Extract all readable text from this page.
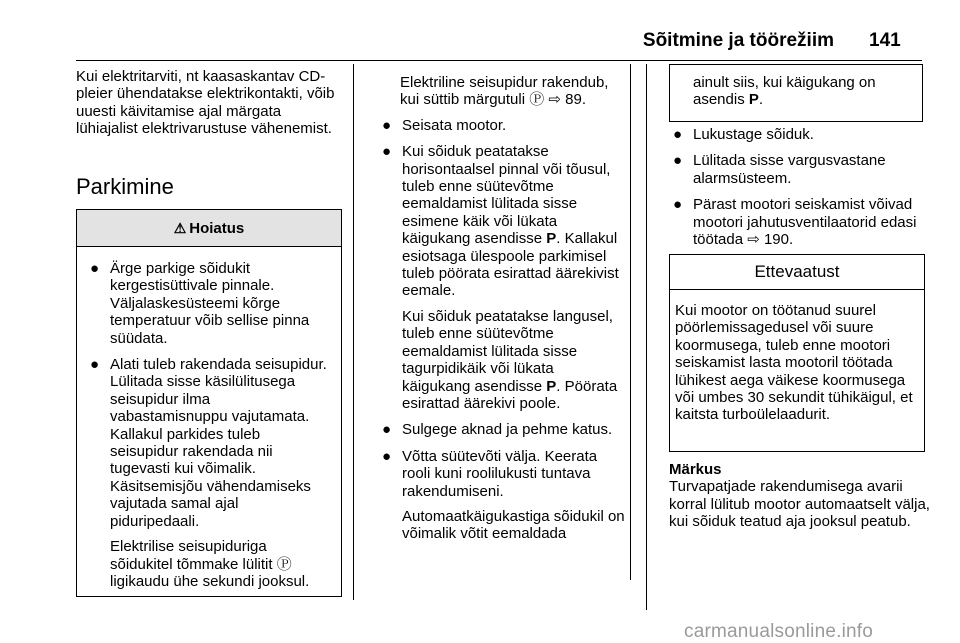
Sõitmine ja töörežiim 141

Kui elektritarviti, nt kaasaskantav CD-pleier ühendatakse elektrikontakti, võib uuesti käivitamise ajal märgata lühiajalist elektrivarustuse vähenemist.

Parkimine
⚠ Hoiatus
● Ärge parkige sõidukit kergestisüttivale pinnale. Väljalaskesüsteemi kõrge temperatuur võib sellise pinna süüdata.
● Alati tuleb rakendada seisupidur. Lülitada sisse käsilülitusega seisupidur ilma vabastamisnuppu vajutamata. Kallakul parkides tuleb seisupidur rakendada nii tugevasti kui võimalik. Käsitsemisjõu vähendamiseks vajutada samal ajal piduripedaali.
Elektrilise seisupiduriga sõidukitel tõmmake lülitit Ⓟ ligikaudu ühe sekundi jooksul.

Elektriline seisupidur rakendub, kui süttib märgutuli Ⓟ ⇨ 89.

● Seisata mootor.
● Kui sõiduk peatatakse horisontaalsel pinnal või tõusul, tuleb enne süütevõtme eemaldamist lülitada sisse esimene käik või lükata käigukang asendisse P. Kallakul esiotsaga ülespoole parkimisel tuleb pöörata esirattad äärekivist eemale.
Kui sõiduk peatatakse langusel, tuleb enne süütevõtme eemaldamist lülitada sisse tagurpidikäik või lükata käigukang asendisse P. Pöörata esirattad äärekivi poole.
● Sulgege aknad ja pehme katus.
● Võtta süütevõti välja. Keerata rooli kuni roolilukusti tuntava rakendumiseni.
Automaatkäigukastiga sõidukil on võimalik võtit eemaldada
ainult siis, kui käigukang on asendis P.
● Lukustage sõiduk.
● Lülitada sisse vargusvastane alarmsüsteem.
● Pärast mootori seiskamist võivad mootori jahutusventilaatorid edasi töötada ⇨ 190.
Ettevaatust
Kui mootor on töötanud suurel pöörlemissagedusel või suure koormusega, tuleb enne mootori seiskamist lasta mootoril töötada lühikest aega väikese koormusega või umbes 30 sekundit tühikäigul, et kaitsta turboülelaadurit.
Märkus
Turvapatjade rakendumisega avarii korral lülitub mootor automaatselt välja, kui sõiduk teatud aja jooksul peatub.
carmanualsonline.info
